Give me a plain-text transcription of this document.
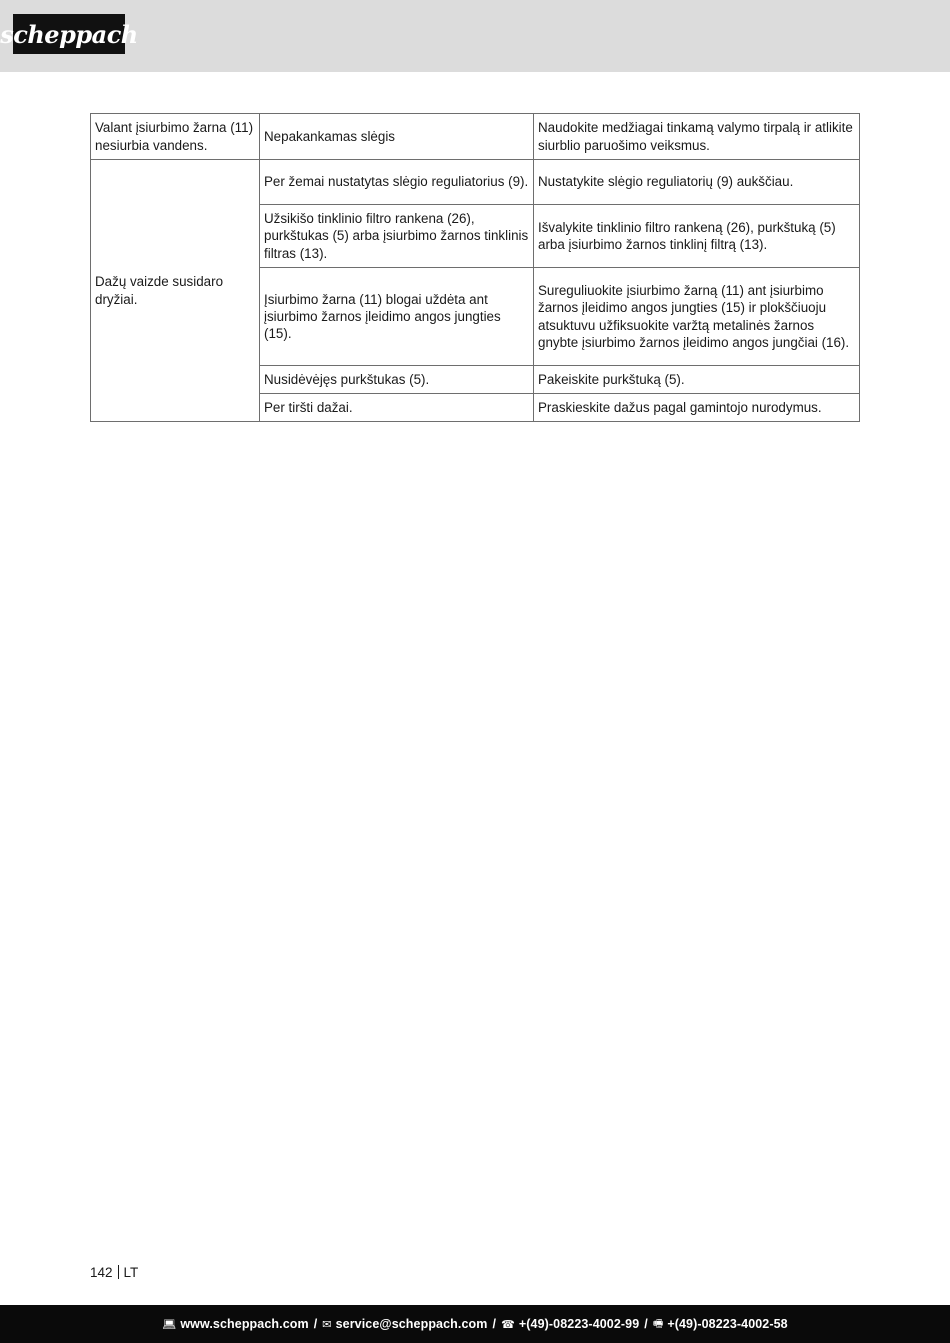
scheppach
Valant įsiurbimo žarna (11) nesiurbia vandens.	Nepakankamas slėgis	Naudokite medžiagai tinkamą valymo tirpalą ir atlikite siurblio paruošimo veiksmus.
Dažų vaizde susidaro dryžiai.	Per žemai nustatytas slėgio reguliatorius (9).	Nustatykite slėgio reguliatorių (9) aukščiau.
	Užsikišo tinklinio filtro rankena (26), purkštukas (5) arba įsiurbimo žarnos tinklinis filtras (13).	Išvalykite tinklinio filtro rankeną (26), purkštuką (5) arba įsiurbimo žarnos tinklinį filtrą (13).
	Įsiurbimo žarna (11) blogai uždėta ant įsiurbimo žarnos įleidimo angos jungties (15).	Sureguliuokite įsiurbimo žarną (11) ant įsiurbimo žarnos įleidimo angos jungties (15) ir plokščiuoju atsuktuvu užfiksuokite varžtą metalinės žarnos gnybte įsiurbimo žarnos įleidimo angos jungčiai (16).
	Nusidėvėjęs purkštukas (5).	Pakeiskite purkštuką (5).
	Per tiršti dažai.	Praskieskite dažus pagal gamintojo nurodymus.
142 LT
💻︎ www.scheppach.com / ✉︎ service@scheppach.com / ☎︎ +(49)-08223-4002-99 / 🖷︎ +(49)-08223-4002-58
